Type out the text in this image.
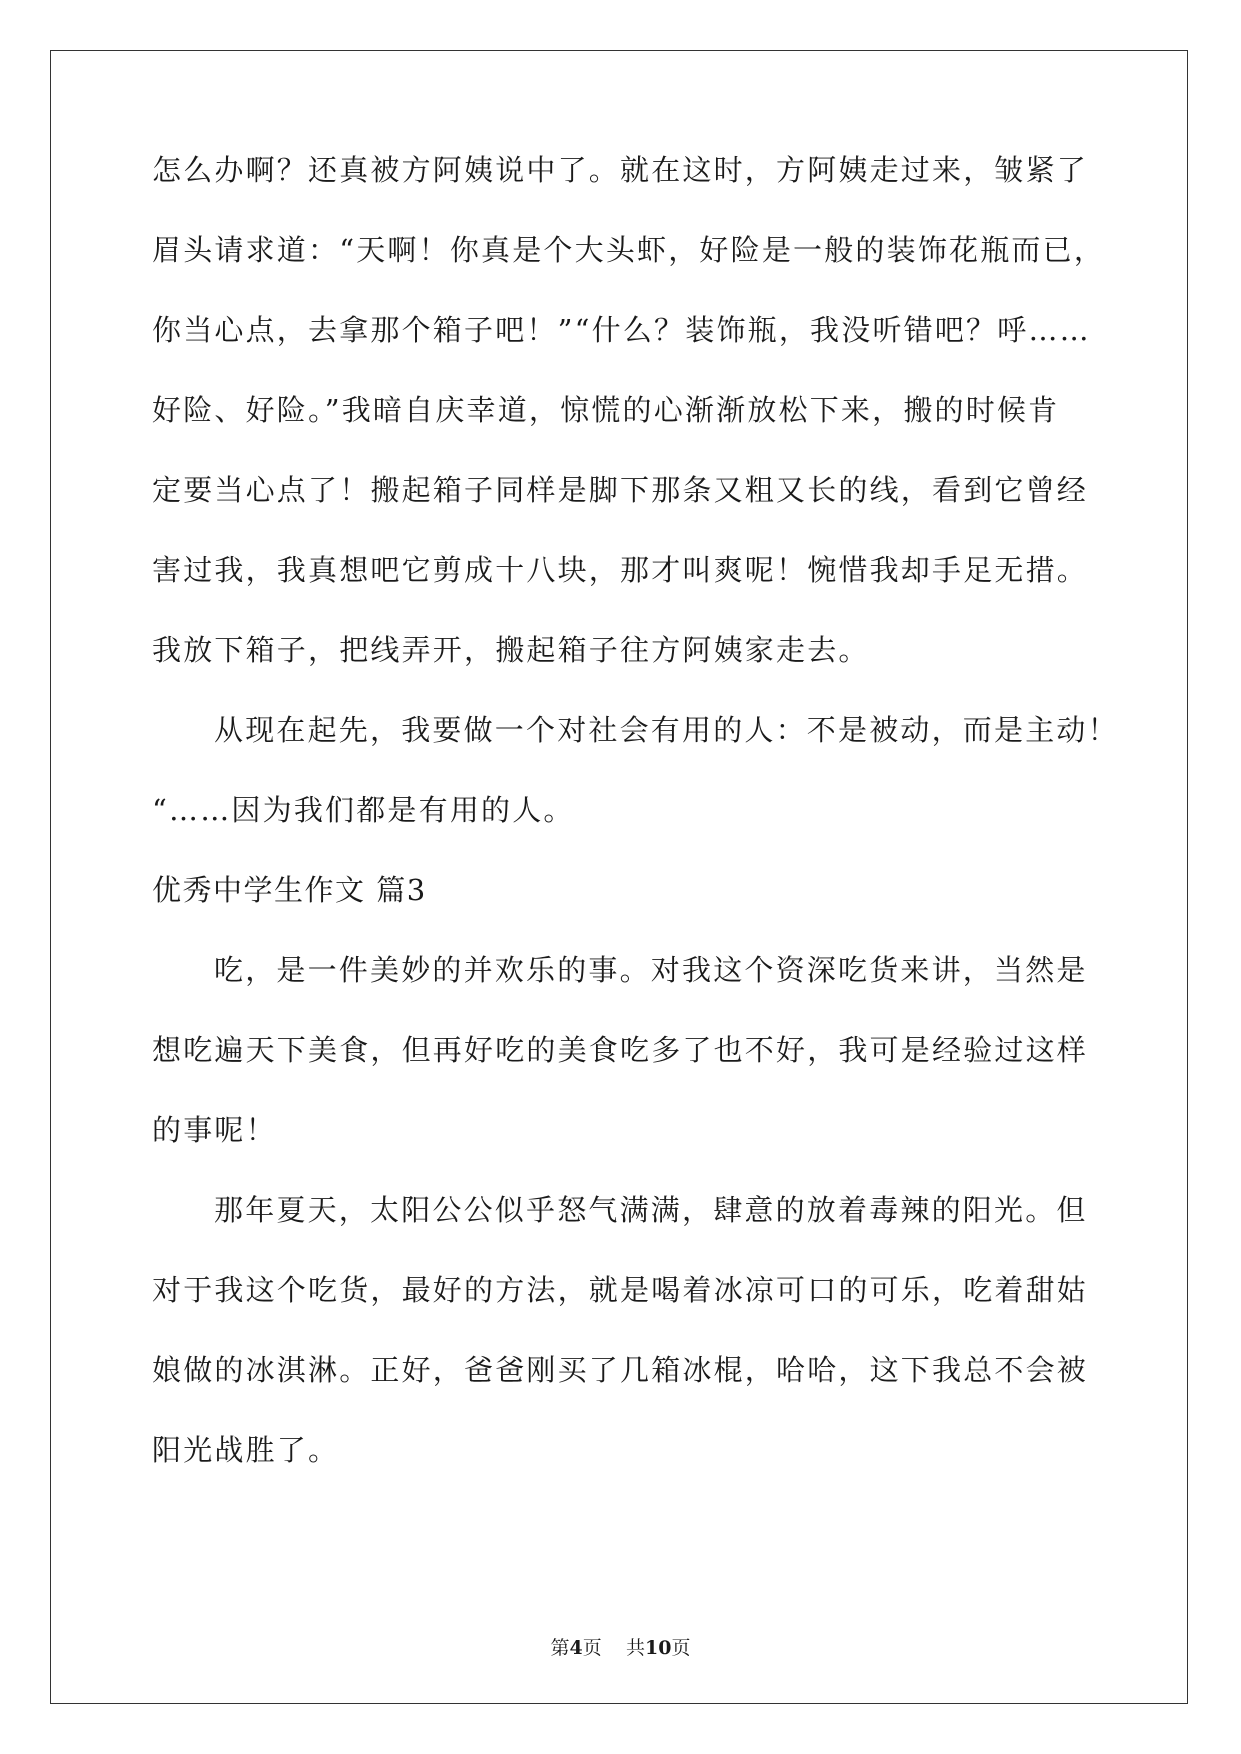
怎么办啊？还真被方阿姨说中了。就在这时，方阿姨走过来，皱紧了
眉头请求道：“天啊！你真是个大头虾，好险是一般的装饰花瓶而已，
你当心点，去拿那个箱子吧！”“什么？装饰瓶，我没听错吧？呼……
好险、好险。”我暗自庆幸道，惊慌的心渐渐放松下来，搬的时候肯
定要当心点了！搬起箱子同样是脚下那条又粗又长的线，看到它曾经
害过我，我真想吧它剪成十八块，那才叫爽呢！惋惜我却手足无措。
我放下箱子，把线弄开，搬起箱子往方阿姨家走去。
从现在起先，我要做一个对社会有用的人：不是被动，而是主动！
“……因为我们都是有用的人。
优秀中学生作文 篇3
吃，是一件美妙的并欢乐的事。对我这个资深吃货来讲，当然是
想吃遍天下美食，但再好吃的美食吃多了也不好，我可是经验过这样
的事呢！
那年夏天，太阳公公似乎怒气满满，肆意的放着毒辣的阳光。但
对于我这个吃货，最好的方法，就是喝着冰凉可口的可乐，吃着甜姑
娘做的冰淇淋。正好，爸爸刚买了几箱冰棍，哈哈，这下我总不会被
阳光战胜了。
第4页 共10页
